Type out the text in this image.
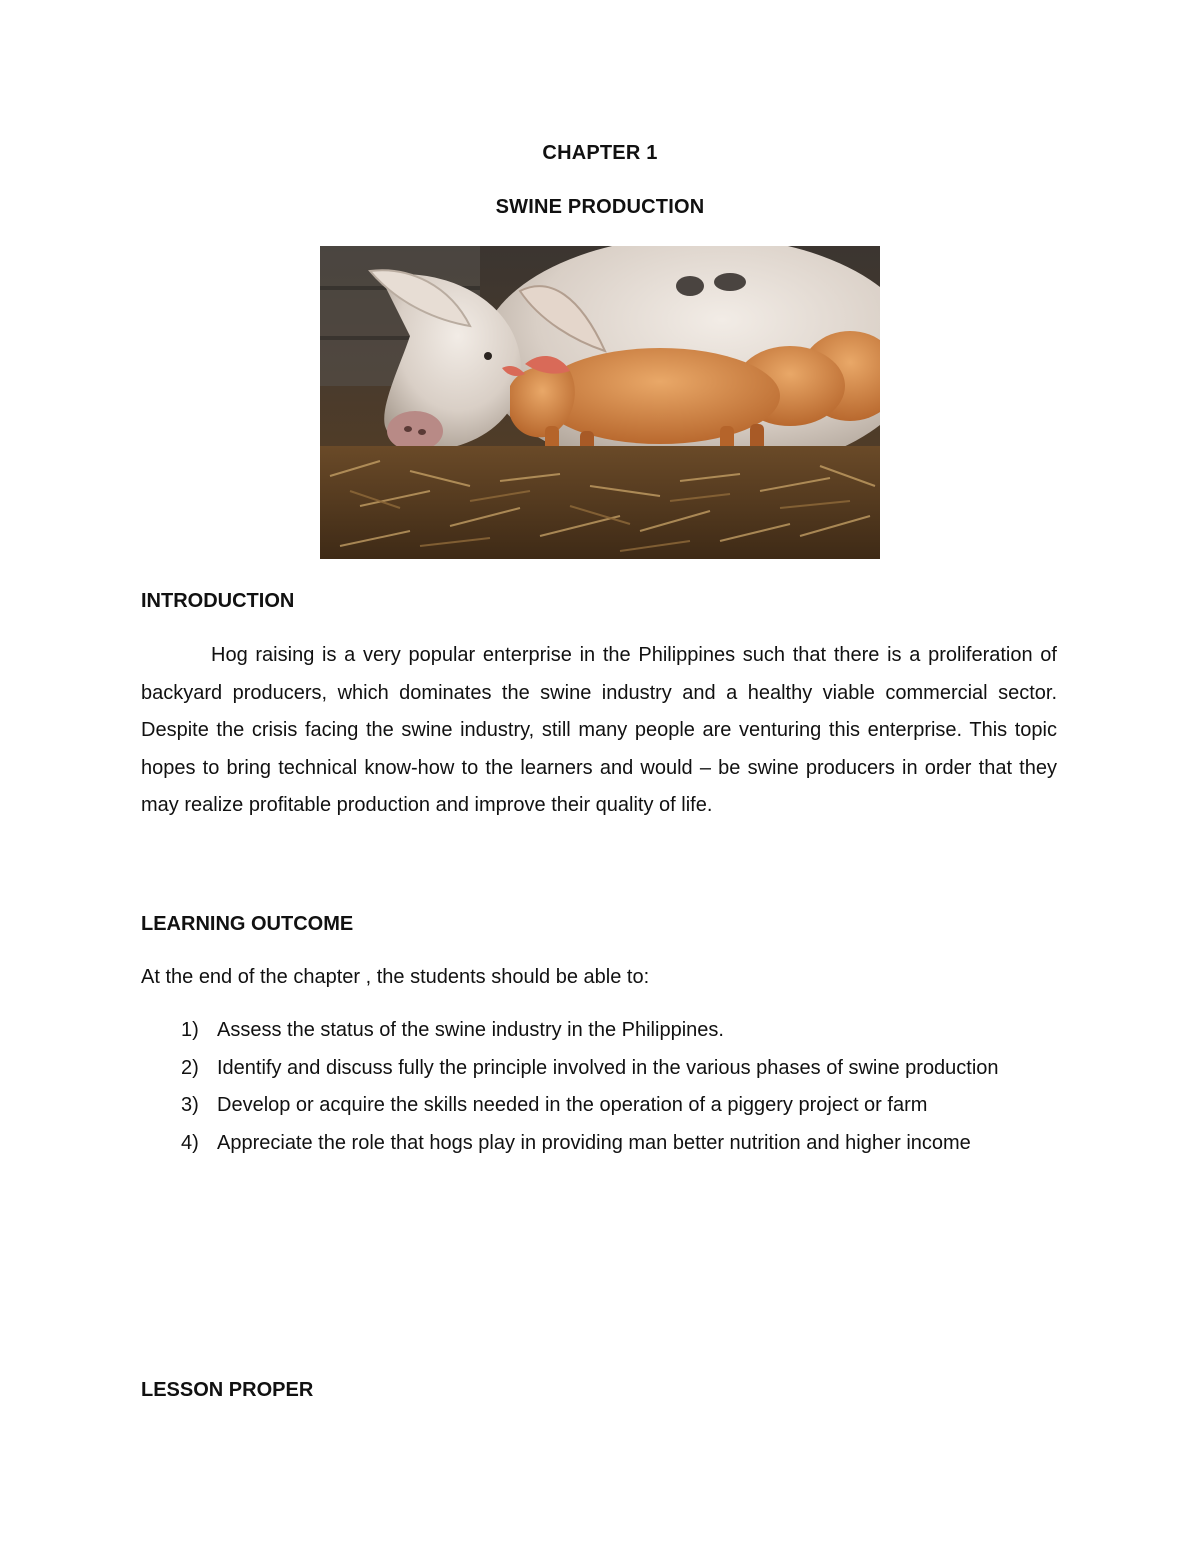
CHAPTER 1
SWINE PRODUCTION
INTRODUCTION

Hog raising is a very popular enterprise in the Philippines such that there is a proliferation of backyard producers, which dominates the swine industry and a healthy viable commercial sector. Despite the crisis facing the swine industry, still many people are venturing this enterprise. This topic hopes to bring technical know-how to the learners and would – be swine producers in order that they may realize profitable production and improve their quality of life.

LEARNING OUTCOME
At the end of the chapter , the students should be able to:
1) Assess the status of the swine industry in the Philippines.
2) Identify and discuss fully the principle involved in the various phases of swine production
3) Develop or acquire the skills needed in the operation of a piggery project or farm
4) Appreciate the role that hogs play in providing man better nutrition and higher income
LESSON PROPER
